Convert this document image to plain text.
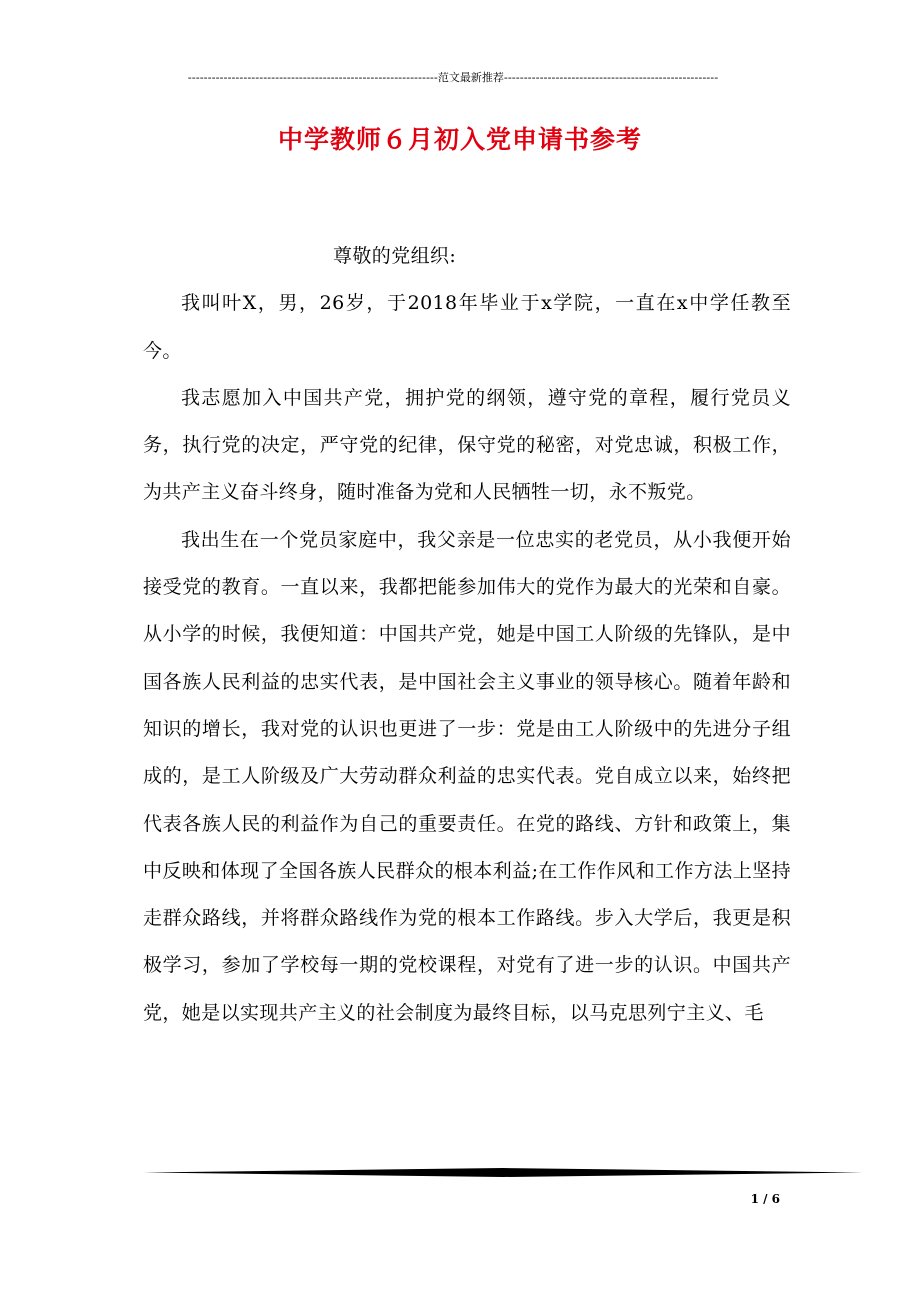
---------------------------------------------------------------范文最新推荐------------------------------------------------------
中学教师６月初入党申请书参考

尊敬的党组织:

我叫叶X，男，26岁，于2018年毕业于x学院，一直在x中学任教至今。

我志愿加入中国共产党，拥护党的纲领，遵守党的章程，履行党员义务，执行党的决定，严守党的纪律，保守党的秘密，对党忠诚，积极工作，为共产主义奋斗终身，随时准备为党和人民牺牲一切，永不叛党。

我出生在一个党员家庭中，我父亲是一位忠实的老党员，从小我便开始接受党的教育。一直以来，我都把能参加伟大的党作为最大的光荣和自豪。从小学的时候，我便知道：中国共产党，她是中国工人阶级的先锋队，是中国各族人民利益的忠实代表，是中国社会主义事业的领导核心。随着年龄和知识的增长，我对党的认识也更进了一步：党是由工人阶级中的先进分子组成的，是工人阶级及广大劳动群众利益的忠实代表。党自成立以来，始终把代表各族人民的利益作为自己的重要责任。在党的路线、方针和政策上，集中反映和体现了全国各族人民群众的根本利益;在工作作风和工作方法上坚持走群众路线，并将群众路线作为党的根本工作路线。步入大学后，我更是积极学习，参加了学校每一期的党校课程，对党有了进一步的认识。中国共产党，她是以实现共产主义的社会制度为最终目标，以马克思列宁主义、毛

1 / 6
